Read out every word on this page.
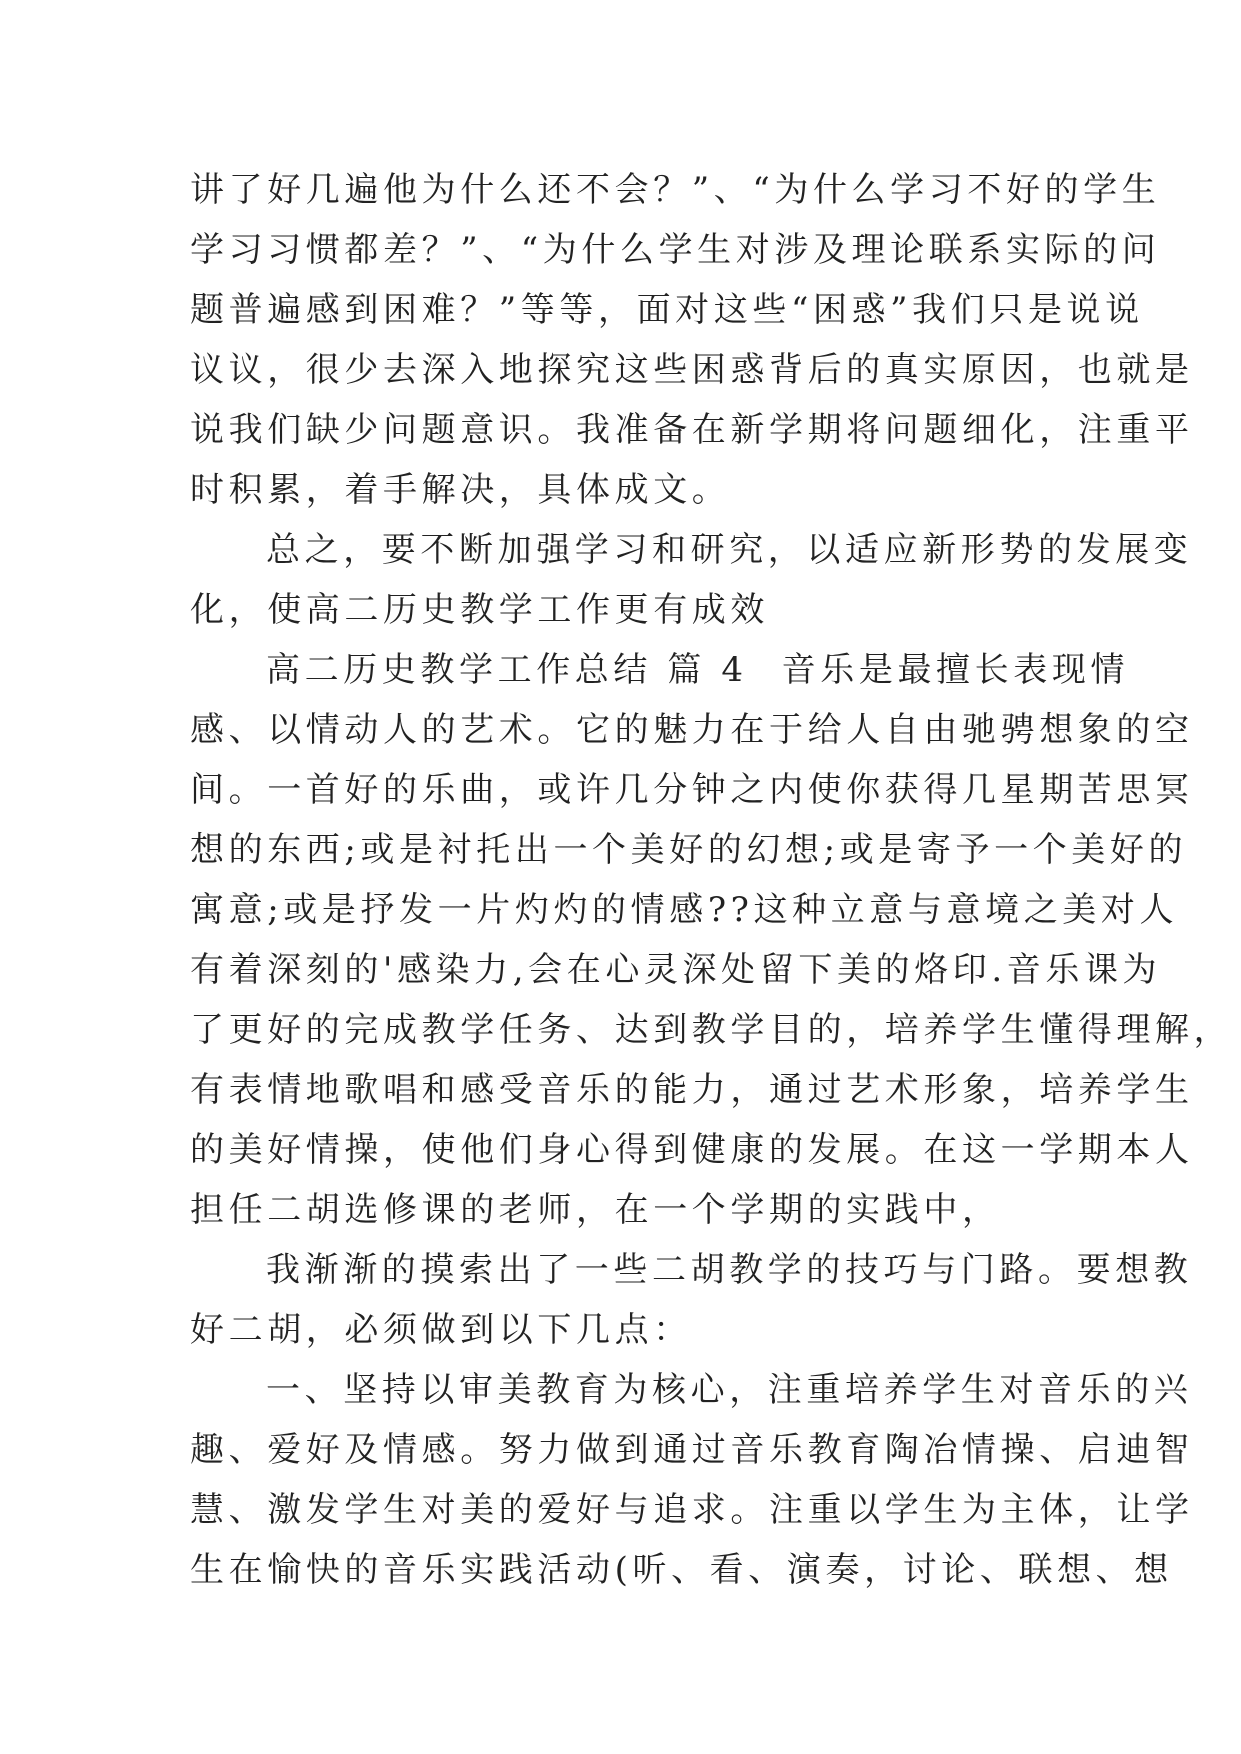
讲了好几遍他为什么还不会？”、“为什么学习不好的学生
学习习惯都差？”、“为什么学生对涉及理论联系实际的问
题普遍感到困难？”等等，面对这些“困惑”我们只是说说
议议，很少去深入地探究这些困惑背后的真实原因，也就是
说我们缺少问题意识。我准备在新学期将问题细化，注重平
时积累，着手解决，具体成文。
总之，要不断加强学习和研究，以适应新形势的发展变
化，使高二历史教学工作更有成效
高二历史教学工作总结 篇 4 音乐是最擅长表现情
感、以情动人的艺术。它的魅力在于给人自由驰骋想象的空
间。一首好的乐曲，或许几分钟之内使你获得几星期苦思冥
想的东西;或是衬托出一个美好的幻想;或是寄予一个美好的
寓意;或是抒发一片灼灼的情感??这种立意与意境之美对人
有着深刻的'感染力,会在心灵深处留下美的烙印.音乐课为
了更好的完成教学任务、达到教学目的，培养学生懂得理解，
有表情地歌唱和感受音乐的能力，通过艺术形象，培养学生
的美好情操，使他们身心得到健康的发展。在这一学期本人
担任二胡选修课的老师，在一个学期的实践中，
我渐渐的摸索出了一些二胡教学的技巧与门路。要想教
好二胡，必须做到以下几点：
一、坚持以审美教育为核心，注重培养学生对音乐的兴
趣、爱好及情感。努力做到通过音乐教育陶冶情操、启迪智
慧、激发学生对美的爱好与追求。注重以学生为主体，让学
生在愉快的音乐实践活动(听、看、演奏，讨论、联想、想
